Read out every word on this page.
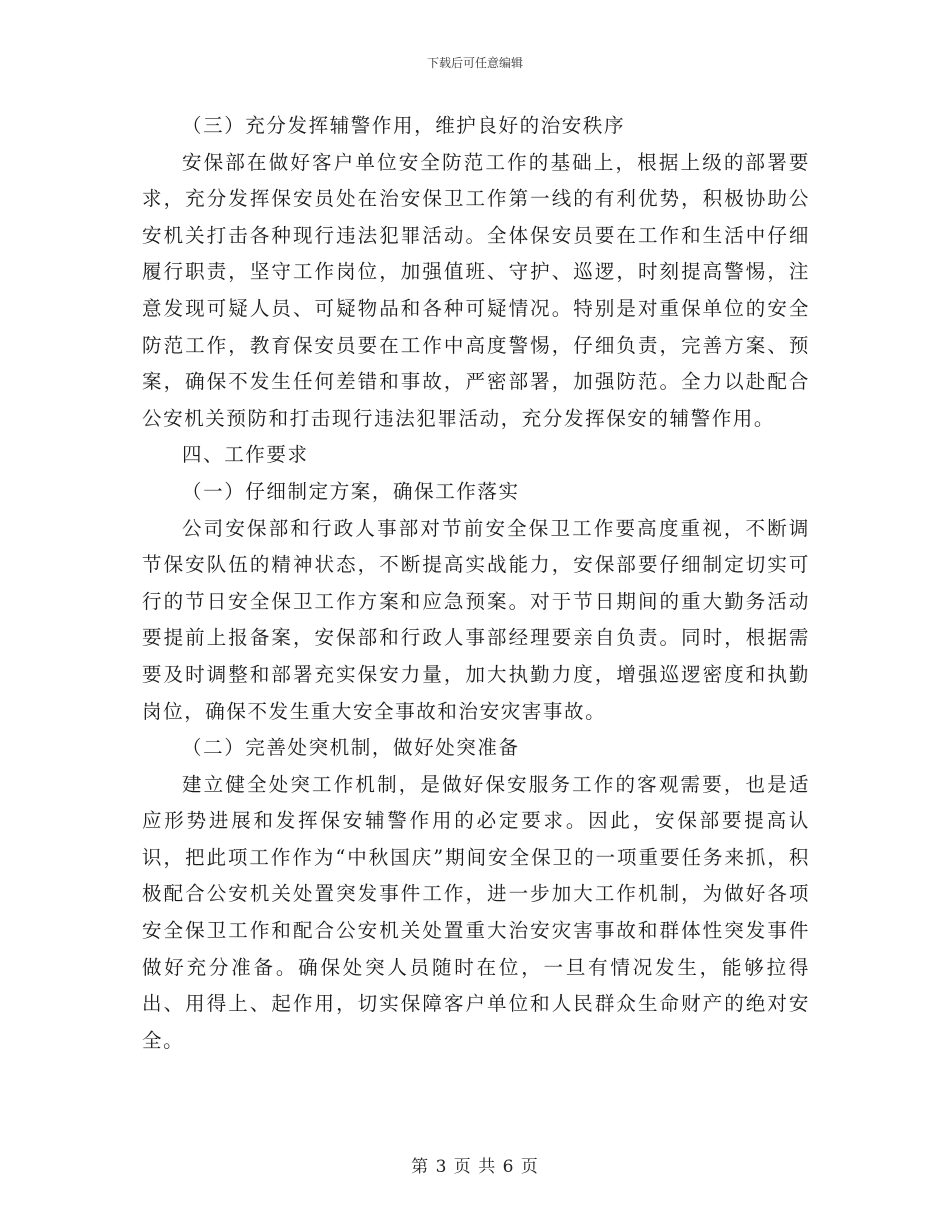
下载后可任意编辑

（三）充分发挥辅警作用，维护良好的治安秩序

安保部在做好客户单位安全防范工作的基础上，根据上级的部署要求，充分发挥保安员处在治安保卫工作第一线的有利优势，积极协助公安机关打击各种现行违法犯罪活动。全体保安员要在工作和生活中仔细履行职责，坚守工作岗位，加强值班、守护、巡逻，时刻提高警惕，注意发现可疑人员、可疑物品和各种可疑情况。特别是对重保单位的安全防范工作，教育保安员要在工作中高度警惕，仔细负责，完善方案、预案，确保不发生任何差错和事故，严密部署，加强防范。全力以赴配合公安机关预防和打击现行违法犯罪活动，充分发挥保安的辅警作用。

四、工作要求

（一）仔细制定方案，确保工作落实

公司安保部和行政人事部对节前安全保卫工作要高度重视，不断调节保安队伍的精神状态，不断提高实战能力，安保部要仔细制定切实可行的节日安全保卫工作方案和应急预案。对于节日期间的重大勤务活动要提前上报备案，安保部和行政人事部经理要亲自负责。同时，根据需要及时调整和部署充实保安力量，加大执勤力度，增强巡逻密度和执勤岗位，确保不发生重大安全事故和治安灾害事故。

（二）完善处突机制，做好处突准备

建立健全处突工作机制，是做好保安服务工作的客观需要，也是适应形势进展和发挥保安辅警作用的必定要求。因此，安保部要提高认识，把此项工作作为“中秋国庆”期间安全保卫的一项重要任务来抓，积极配合公安机关处置突发事件工作，进一步加大工作机制，为做好各项安全保卫工作和配合公安机关处置重大治安灾害事故和群体性突发事件做好充分准备。确保处突人员随时在位，一旦有情况发生，能够拉得出、用得上、起作用，切实保障客户单位和人民群众生命财产的绝对安全。

第 3 页 共 6 页
